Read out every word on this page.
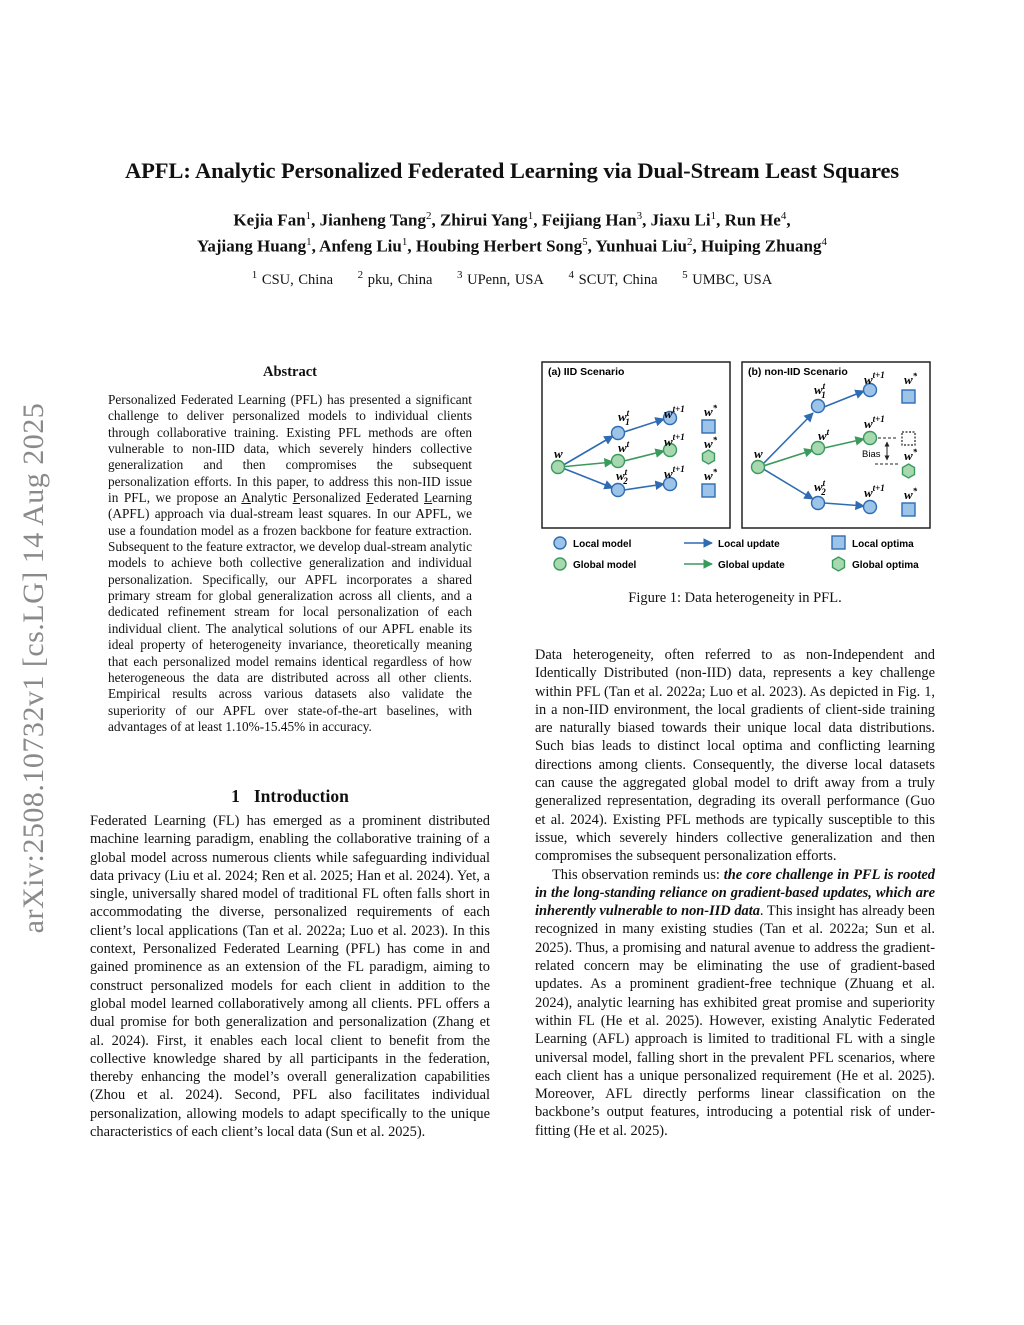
arXiv:2508.10732v1 [cs.LG] 14 Aug 2025
APFL: Analytic Personalized Federated Learning via Dual-Stream Least Squares
Kejia Fan$^1$, Jianheng Tang$^2$, Zhirui Yang$^1$, Feijiang Han$^3$, Jiaxu Li$^1$, Run He$^4$,
Yajiang Huang$^1$, Anfeng Liu$^1$, Houbing Herbert Song$^5$, Yunhuai Liu$^2$, Huiping Zhuang$^4$
$^1$ CSU, China $^2$ pku, China $^3$ UPenn, USA $^4$ SCUT, China $^5$ UMBC, USA
Abstract
Personalized Federated Learning (PFL) has presented a significant challenge to deliver personalized models to individual clients through collaborative training. Existing PFL methods are often vulnerable to non-IID data, which severely hinders collective generalization and then compromises the subsequent personalization efforts. In this paper, to address this non-IID issue in PFL, we propose an Analytic Personalized Federated Learning (APFL) approach via dual-stream least squares. In our APFL, we use a foundation model as a frozen backbone for feature extraction. Subsequent to the feature extractor, we develop dual-stream analytic models to achieve both collective generalization and individual personalization. Specifically, our APFL incorporates a shared primary stream for global generalization across all clients, and a dedicated refinement stream for local personalization of each individual client. The analytical solutions of our APFL enable its ideal property of heterogeneity invariance, theoretically meaning that each personalized model remains identical regardless of how heterogeneous the data are distributed across all other clients. Empirical results across various datasets also validate the superiority of our APFL over state-of-the-art baselines, with advantages of at least 1.10%-15.45% in accuracy.
1 Introduction
Federated Learning (FL) has emerged as a prominent distributed machine learning paradigm, enabling the collaborative training of a global model across numerous clients while safeguarding individual data privacy (Liu et al. 2024; Ren et al. 2025; Han et al. 2024). Yet, a single, universally shared model of traditional FL often falls short in accommodating the diverse, personalized requirements of each client’s local applications (Tan et al. 2022a; Luo et al. 2023). In this context, Personalized Federated Learning (PFL) has come in and gained prominence as an extension of the FL paradigm, aiming to construct personalized models for each client in addition to the global model learned collaboratively among all clients. PFL offers a dual promise for both generalization and personalization (Zhang et al. 2024). First, it enables each local client to benefit from the collective knowledge shared by all participants in the federation, thereby enhancing the model’s overall generalization capabilities (Zhou et al. 2024). Second, PFL also facilitates individual personalization, allowing models to adapt specifically to the unique characteristics of each client’s local data (Sun et al. 2025).
(a) IID Scenario
w
$w^t$ 1
$w^t$
$w^t$ 2
$w^{t+1}$
$w^{t+1}$
$w^{t+1}$
w*
w*
w*
(b) non-IID Scenario
Bias
w
$w^t$ 1
$w^t$
$w^t$ 2
$w^{t+1}$
$w^{t+1}$
$w^{t+1}$
w*
w*
w*
Local model
Global model
Local update
Global update
Local optima
Global optima
Figure 1: Data heterogeneity in PFL.

Data heterogeneity, often referred to as non-Independent and Identically Distributed (non-IID) data, represents a key challenge within PFL (Tan et al. 2022a; Luo et al. 2023). As depicted in Fig. 1, in a non-IID environment, the local gradients of client-side training are naturally biased towards their unique local data distributions. Such bias leads to distinct local optima and conflicting learning directions among clients. Consequently, the diverse local datasets can cause the aggregated global model to drift away from a truly generalized representation, degrading its overall performance (Guo et al. 2024). Existing PFL methods are typically susceptible to this issue, which severely hinders collective generalization and then compromises the subsequent personalization efforts.

This observation reminds us: the core challenge in PFL is rooted in the long-standing reliance on gradient-based updates, which are inherently vulnerable to non-IID data. This insight has already been recognized in many existing studies (Tan et al. 2022a; Sun et al. 2025). Thus, a promising and natural avenue to address the gradient-related concern may be eliminating the use of gradient-based updates. As a prominent gradient-free technique (Zhuang et al. 2024), analytic learning has exhibited great promise and superiority within FL (He et al. 2025). However, existing Analytic Federated Learning (AFL) approach is limited to traditional FL with a single universal model, falling short in the prevalent PFL scenarios, where each client has a unique personalized requirement (He et al. 2025). Moreover, AFL directly performs linear classification on the backbone’s output features, introducing a potential risk of under-fitting (He et al. 2025).
